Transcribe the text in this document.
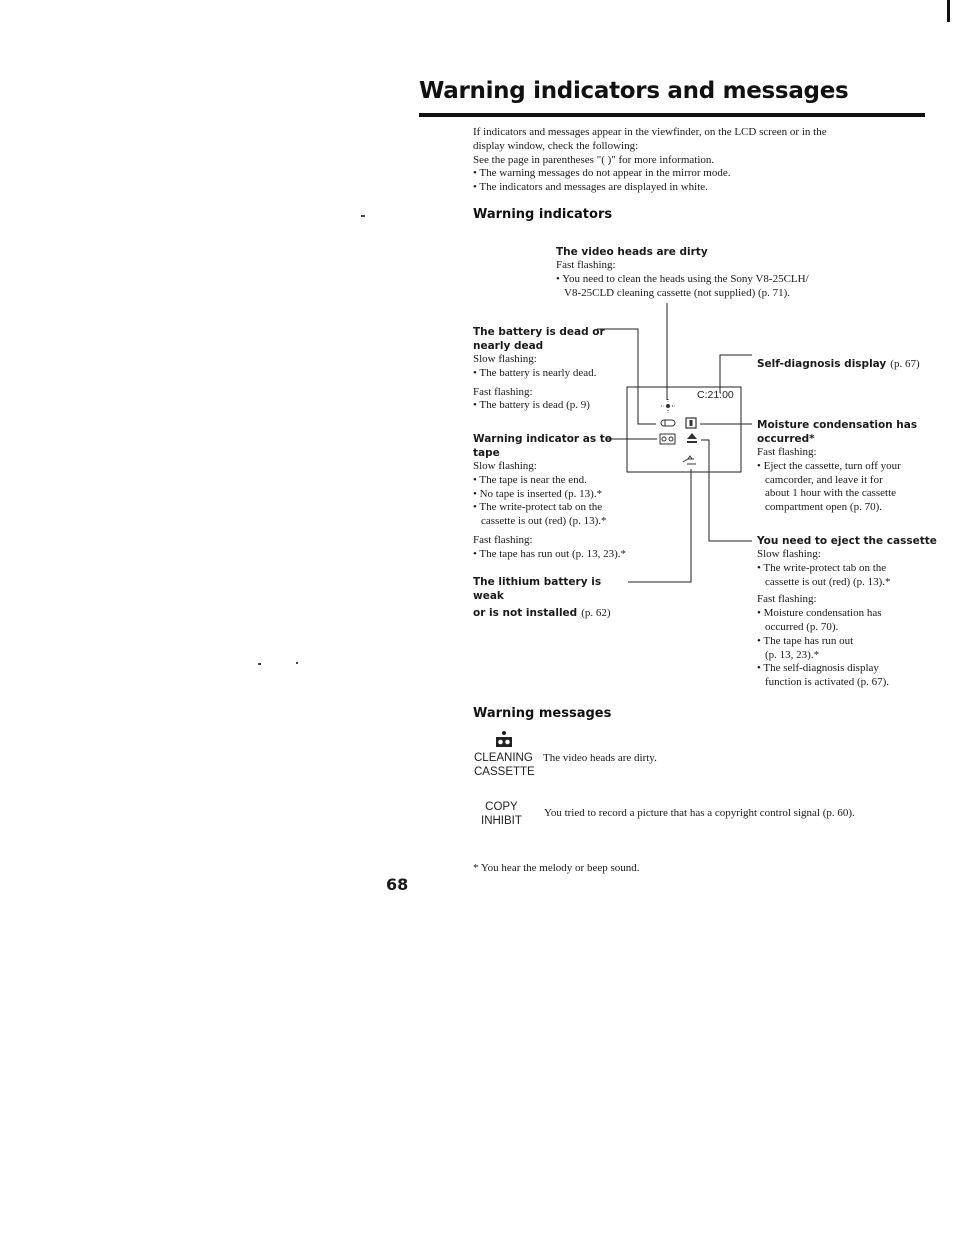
Warning indicators and messages
If indicators and messages appear in the viewfinder, on the LCD screen or in the
display window, check the following:
See the page in parentheses "( )" for more information.
• The warning messages do not appear in the mirror mode.
• The indicators and messages are displayed in white.
Warning indicators
C:21:00
The video heads are dirty
Fast flashing:
• You need to clean the heads using the Sony V8-25CLH/
V8-25CLD cleaning cassette (not supplied) (p. 71).
The battery is dead or
nearly dead
Slow flashing:
• The battery is nearly dead.
Fast flashing:
• The battery is dead (p. 9)
Warning indicator as to
tape
Slow flashing:
• The tape is near the end.
• No tape is inserted (p. 13).*
• The write-protect tab on the
cassette is out (red) (p. 13).*
Fast flashing:
• The tape has run out (p. 13, 23).*
The lithium battery is weak
or is not installed (p. 62)
Self-diagnosis display (p. 67)
Moisture condensation has
occurred*
Fast flashing:
• Eject the cassette, turn off your
camcorder, and leave it for
about 1 hour with the cassette
compartment open (p. 70).
You need to eject the cassette
Slow flashing:
• The write-protect tab on the
cassette is out (red) (p. 13).*
Fast flashing:
• Moisture condensation has
occurred (p. 70).
• The tape has run out
(p. 13, 23).*
• The self-diagnosis display
function is activated (p. 67).
Warning messages
CLEANING
CASSETTE
The video heads are dirty.
COPY
INHIBIT
You tried to record a picture that has a copyright control signal (p. 60).
* You hear the melody or beep sound.
68
